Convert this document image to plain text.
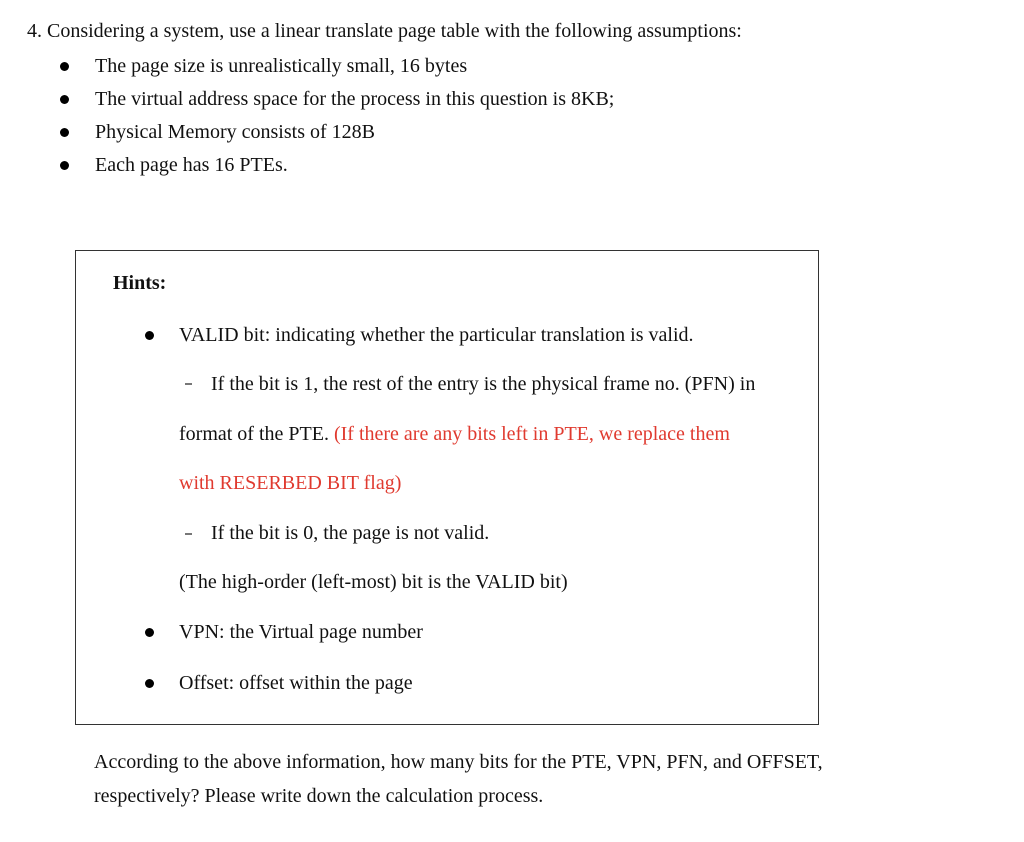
4. Considering a system, use a linear translate page table with the following assumptions:
The page size is unrealistically small, 16 bytes
The virtual address space for the process in this question is 8KB;
Physical Memory consists of 128B
Each page has 16 PTEs.
Hints:
VALID bit: indicating whether the particular translation is valid.
If the bit is 1, the rest of the entry is the physical frame no. (PFN) in
format of the PTE. (If there are any bits left in PTE, we replace them
with RESERBED BIT flag)
If the bit is 0, the page is not valid.
(The high-order (left-most) bit is the VALID bit)
VPN: the Virtual page number
Offset: offset within the page
According to the above information, how many bits for the PTE, VPN, PFN, and OFFSET,
respectively? Please write down the calculation process.
